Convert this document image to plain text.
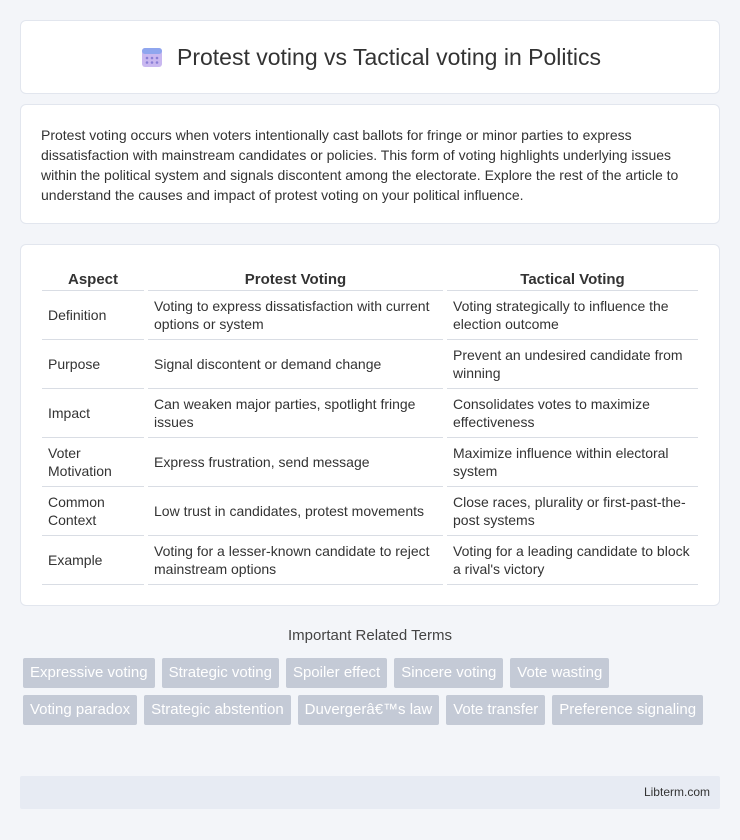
Protest voting vs Tactical voting in Politics

Protest voting occurs when voters intentionally cast ballots for fringe or minor parties to express dissatisfaction with mainstream candidates or policies. This form of voting highlights underlying issues within the political system and signals discontent among the electorate. Explore the rest of the article to understand the causes and impact of protest voting on your political influence.

Aspect	Protest Voting	Tactical Voting
Definition	Voting to express dissatisfaction with current options or system	Voting strategically to influence the election outcome
Purpose	Signal discontent or demand change	Prevent an undesired candidate from winning
Impact	Can weaken major parties, spotlight fringe issues	Consolidates votes to maximize effectiveness
Voter Motivation	Express frustration, send message	Maximize influence within electoral system
Common Context	Low trust in candidates, protest movements	Close races, plurality or first-past-the-post systems
Example	Voting for a lesser-known candidate to reject mainstream options	Voting for a leading candidate to block a rival's victory
Important Related Terms
Expressive voting	Strategic voting	Spoiler effect	Sincere voting	Vote wasting
Voting paradox	Strategic abstention	Duvergerâ€™s law	Vote transfer	Preference signaling
Libterm.com
